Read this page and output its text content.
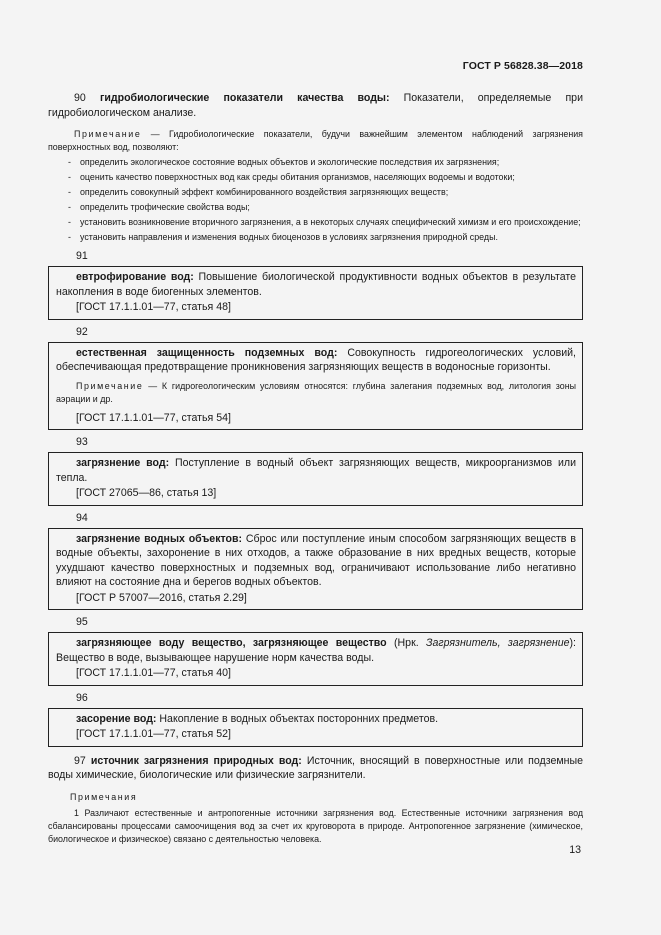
ГОСТ Р 56828.38—2018

90 гидробиологические показатели качества воды: Показатели, определяемые при гидробиологическом анализе.

Примечание — Гидробиологические показатели, будучи важнейшим элементом наблюдений загрязнения поверхностных вод, позволяют:

- определить экологическое состояние водных объектов и экологические последствия их загрязнения;
- оценить качество поверхностных вод как среды обитания организмов, населяющих водоемы и водотоки;
- определить совокупный эффект комбинированного воздействия загрязняющих веществ;
- определить трофические свойства воды;
- установить возникновение вторичного загрязнения, а в некоторых случаях специфический химизм и его происхождение;
- установить направления и изменения водных биоценозов в условиях загрязнения природной среды.
91

евтрофирование вод: Повышение биологической продуктивности водных объектов в результате накопления в воде биогенных элементов.

[ГОСТ 17.1.1.01—77, статья 48]
92

естественная защищенность подземных вод: Совокупность гидрогеологических условий, обеспечивающая предотвращение проникновения загрязняющих веществ в водоносные горизонты.

Примечание — К гидрогеологическим условиям относятся: глубина залегания подземных вод, литология зоны аэрации и др.

[ГОСТ 17.1.1.01—77, статья 54]
93

загрязнение вод: Поступление в водный объект загрязняющих веществ, микроорганизмов или тепла.

[ГОСТ 27065—86, статья 13]
94

загрязнение водных объектов: Сброс или поступление иным способом загрязняющих веществ в водные объекты, захоронение в них отходов, а также образование в них вредных веществ, которые ухудшают качество поверхностных и подземных вод, ограничивают использование либо негативно влияют на состояние дна и берегов водных объектов.

[ГОСТ Р 57007—2016, статья 2.29]
95

загрязняющее воду вещество, загрязняющее вещество (Нрк. Загрязнитель, загрязнение): Вещество в воде, вызывающее нарушение норм качества воды.

[ГОСТ 17.1.1.01—77, статья 40]
96

засорение вод: Накопление в водных объектах посторонних предметов.

[ГОСТ 17.1.1.01—77, статья 52]

97 источник загрязнения природных вод: Источник, вносящий в поверхностные или подземные воды химические, биологические или физические загрязнители.

Примечания

1 Различают естественные и антропогенные источники загрязнения вод. Естественные источники загрязнения вод сбалансированы процессами самоочищения вод за счет их круговорота в природе. Антропогенное загрязнение (химическое, биологическое и физическое) связано с деятельностью человека.

13
